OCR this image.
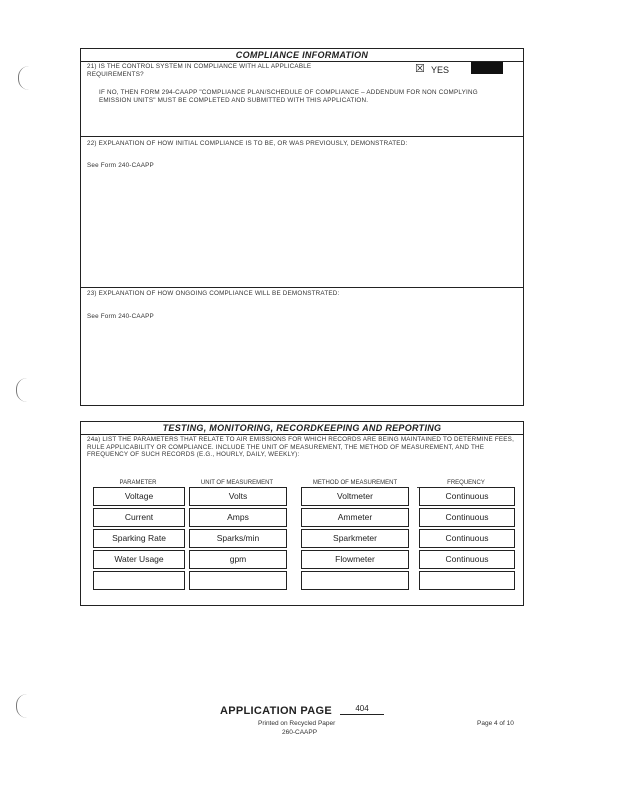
COMPLIANCE INFORMATION
21) IS THE CONTROL SYSTEM IN COMPLIANCE WITH ALL APPLICABLE REQUIREMENTS?	☒ YES
IF NO, THEN FORM 294-CAAPP "COMPLIANCE PLAN/SCHEDULE OF COMPLIANCE – ADDENDUM FOR NON COMPLYING EMISSION UNITS" MUST BE COMPLETED AND SUBMITTED WITH THIS APPLICATION.
22) EXPLANATION OF HOW INITIAL COMPLIANCE IS TO BE, OR WAS PREVIOUSLY, DEMONSTRATED:
See Form 240-CAAPP
23) EXPLANATION OF HOW ONGOING COMPLIANCE WILL BE DEMONSTRATED:
See Form 240-CAAPP
TESTING, MONITORING, RECORDKEEPING AND REPORTING
24a) LIST THE PARAMETERS THAT RELATE TO AIR EMISSIONS FOR WHICH RECORDS ARE BEING MAINTAINED TO DETERMINE FEES, RULE APPLICABILITY OR COMPLIANCE. INCLUDE THE UNIT OF MEASUREMENT, THE METHOD OF MEASUREMENT, AND THE FREQUENCY OF SUCH RECORDS (E.G., HOURLY, DAILY, WEEKLY):
PARAMETER	UNIT OF MEASUREMENT	METHOD OF MEASUREMENT	FREQUENCY
Voltage	Volts	Voltmeter	Continuous
Current	Amps	Ammeter	Continuous
Sparking Rate	Sparks/min	Sparkmeter	Continuous
Water Usage	gpm	Flowmeter	Continuous
APPLICATION PAGE	404
Printed on Recycled Paper
260-CAAPP
Page 4 of 10
